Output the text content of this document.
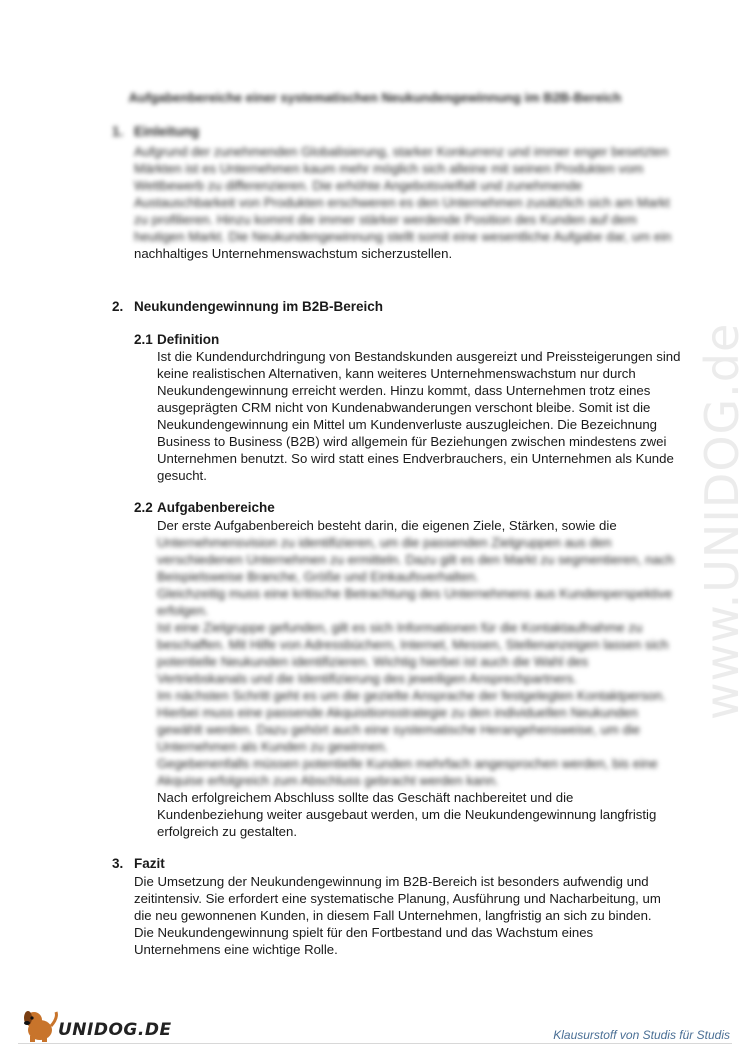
www.UNIDOG.de
Aufgabenbereiche einer systematischen Neukundengewinnung im B2B-Bereich
1. Einleitung
Aufgrund der zunehmenden Globalisierung, starker Konkurrenz und immer enger besetzten
Märkten ist es Unternehmen kaum mehr möglich sich alleine mit seinen Produkten vom
Wettbewerb zu differenzieren. Die erhöhte Angebotsvielfalt und zunehmende
Austauschbarkeit von Produkten erschweren es den Unternehmen zusätzlich sich am Markt
zu profilieren. Hinzu kommt die immer stärker werdende Position des Kunden auf dem
heutigen Markt. Die Neukundengewinnung stellt somit eine wesentliche Aufgabe dar, um ein
nachhaltiges Unternehmenswachstum sicherzustellen.
2. Neukundengewinnung im B2B-Bereich
2.1 Definition
Ist die Kundendurchdringung von Bestandskunden ausgereizt und Preissteigerungen sind
keine realistischen Alternativen, kann weiteres Unternehmenswachstum nur durch
Neukundengewinnung erreicht werden. Hinzu kommt, dass Unternehmen trotz eines
ausgeprägten CRM nicht von Kundenabwanderungen verschont bleibe. Somit ist die
Neukundengewinnung ein Mittel um Kundenverluste auszugleichen. Die Bezeichnung
Business to Business (B2B) wird allgemein für Beziehungen zwischen mindestens zwei
Unternehmen benutzt. So wird statt eines Endverbrauchers, ein Unternehmen als Kunde
gesucht.
2.2 Aufgabenbereiche
Der erste Aufgabenbereich besteht darin, die eigenen Ziele, Stärken, sowie die
Unternehmensvision zu identifizieren, um die passenden Zielgruppen aus den
verschiedenen Unternehmen zu ermitteln. Dazu gilt es den Markt zu segmentieren, nach
Beispielsweise Branche, Größe und Einkaufsverhalten.
Gleichzeitig muss eine kritische Betrachtung des Unternehmens aus Kundenperspektive
erfolgen.
Ist eine Zielgruppe gefunden, gilt es sich Informationen für die Kontaktaufnahme zu
beschaffen. Mit Hilfe von Adressbüchern, Internet, Messen, Stellenanzeigen lassen sich
potentielle Neukunden identifizieren. Wichtig hierbei ist auch die Wahl des
Vertriebskanals und die Identifizierung des jeweiligen Ansprechpartners.
Im nächsten Schritt geht es um die gezielte Ansprache der festgelegten Kontaktperson.
Hierbei muss eine passende Akquisitionsstrategie zu den individuellen Neukunden
gewählt werden. Dazu gehört auch eine systematische Herangehensweise, um die
Unternehmen als Kunden zu gewinnen.
Gegebenenfalls müssen potentielle Kunden mehrfach angesprochen werden, bis eine
Akquise erfolgreich zum Abschluss gebracht werden kann.
Nach erfolgreichem Abschluss sollte das Geschäft nachbereitet und die
Kundenbeziehung weiter ausgebaut werden, um die Neukundengewinnung langfristig
erfolgreich zu gestalten.
3. Fazit
Die Umsetzung der Neukundengewinnung im B2B-Bereich ist besonders aufwendig und
zeitintensiv. Sie erfordert eine systematische Planung, Ausführung und Nacharbeitung, um
die neu gewonnenen Kunden, in diesem Fall Unternehmen, langfristig an sich zu binden.
Die Neukundengewinnung spielt für den Fortbestand und das Wachstum eines
Unternehmens eine wichtige Rolle.
UNIDOG.DE	Klausurstoff von Studis für Studis
